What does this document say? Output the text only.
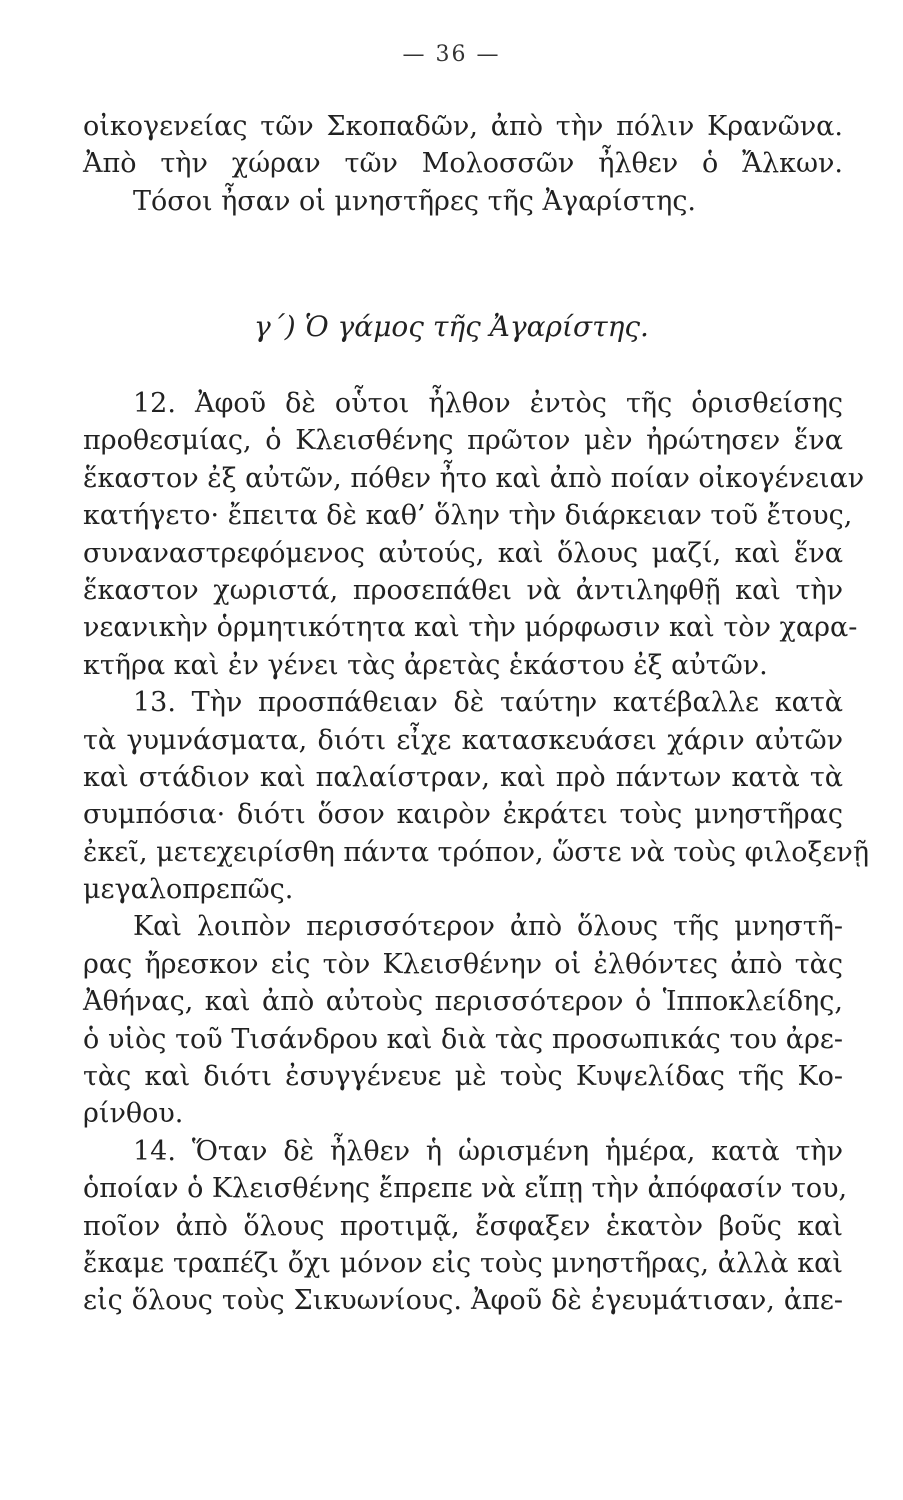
— 36 —
οἰκογενείας τῶν Σκοπαδῶν, ἀπὸ τὴν πόλιν Κρανῶνα.
Ἀπὸ τὴν χώραν τῶν Μολοσσῶν ἦλθεν ὁ Ἄλκων.
Τόσοι ἦσαν οἱ μνηστῆρες τῆς Ἀγαρίστης.
γ΄) Ὁ γάμος τῆς Ἀγαρίστης.
12. Ἀφοῦ δὲ οὗτοι ἦλθον ἐντὸς τῆς ὁρισθείσης
προθεσμίας, ὁ Κλεισθένης πρῶτον μὲν ἠρώτησεν ἕνα
ἕκαστον ἐξ αὐτῶν, πόθεν ἦτο καὶ ἀπὸ ποίαν οἰκογένειαν
κατήγετο· ἔπειτα δὲ καθ’ ὅλην τὴν διάρκειαν τοῦ ἔτους,
συναναστρεφόμενος αὐτούς, καὶ ὅλους μαζί, καὶ ἕνα
ἕκαστον χωριστά, προσεπάθει νὰ ἀντιληφθῇ καὶ τὴν
νεανικὴν ὁρμητικότητα καὶ τὴν μόρφωσιν καὶ τὸν χαρα-
κτῆρα καὶ ἐν γένει τὰς ἀρετὰς ἑκάστου ἐξ αὐτῶν.
13. Τὴν προσπάθειαν δὲ ταύτην κατέβαλλε κατὰ
τὰ γυμνάσματα, διότι εἶχε κατασκευάσει χάριν αὐτῶν
καὶ στάδιον καὶ παλαίστραν, καὶ πρὸ πάντων κατὰ τὰ
συμπόσια· διότι ὅσον καιρὸν ἐκράτει τοὺς μνηστῆρας
ἐκεῖ, μετεχειρίσθη πάντα τρόπον, ὥστε νὰ τοὺς φιλοξενῇ
μεγαλοπρεπῶς.
Καὶ λοιπὸν περισσότερον ἀπὸ ὅλους τῆς μνηστῆ-
ρας ἤρεσκον εἰς τὸν Κλεισθένην οἱ ἐλθόντες ἀπὸ τὰς
Ἀθήνας, καὶ ἀπὸ αὐτοὺς περισσότερον ὁ Ἱπποκλείδης,
ὁ υἱὸς τοῦ Τισάνδρου καὶ διὰ τὰς προσωπικάς του ἀρε-
τὰς καὶ διότι ἐσυγγένευε μὲ τοὺς Κυψελίδας τῆς Κο-
ρίνθου.
14. Ὅταν δὲ ἦλθεν ἡ ὡρισμένη ἡμέρα, κατὰ τὴν
ὁποίαν ὁ Κλεισθένης ἔπρεπε νὰ εἴπῃ τὴν ἀπόφασίν του,
ποῖον ἀπὸ ὅλους προτιμᾷ, ἔσφαξεν ἑκατὸν βοῦς καὶ
ἔκαμε τραπέζι ὄχι μόνον εἰς τοὺς μνηστῆρας, ἀλλὰ καὶ
εἰς ὅλους τοὺς Σικυωνίους. Ἀφοῦ δὲ ἐγευμάτισαν, ἀπε-
